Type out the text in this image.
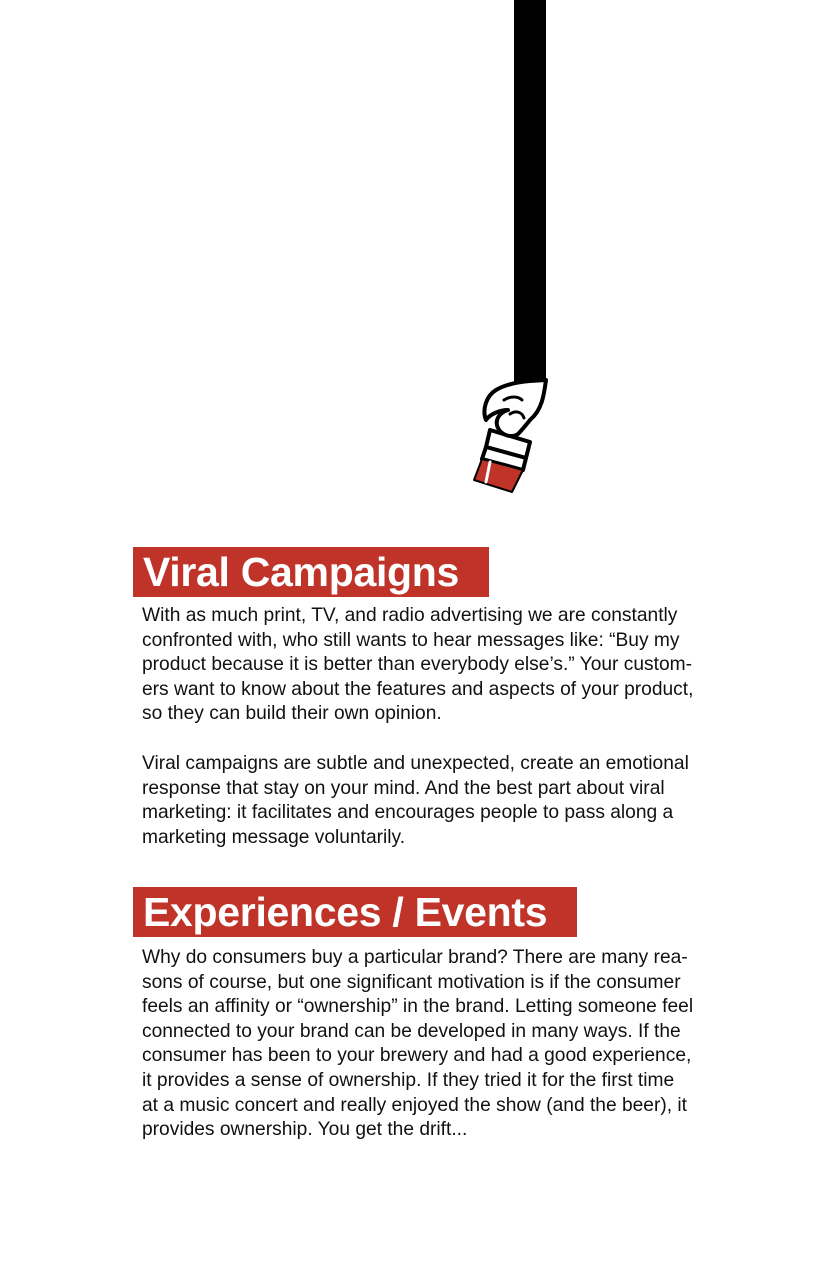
Viral Campaigns

With as much print, TV, and radio advertising we are constantly
confronted with, who still wants to hear messages like: “Buy my
product because it is better than everybody else’s.” Your custom-
ers want to know about the features and aspects of your product,
so they can build their own opinion.

Viral campaigns are subtle and unexpected, create an emotional
response that stay on your mind. And the best part about viral
marketing: it facilitates and encourages people to pass along a
marketing message voluntarily.

Experiences / Events

Why do consumers buy a particular brand? There are many rea-
sons of course, but one significant motivation is if the consumer
feels an affinity or “ownership” in the brand. Letting someone feel
connected to your brand can be developed in many ways. If the
consumer has been to your brewery and had a good experience,
it provides a sense of ownership. If they tried it for the first time
at a music concert and really enjoyed the show (and the beer), it
provides ownership. You get the drift...
